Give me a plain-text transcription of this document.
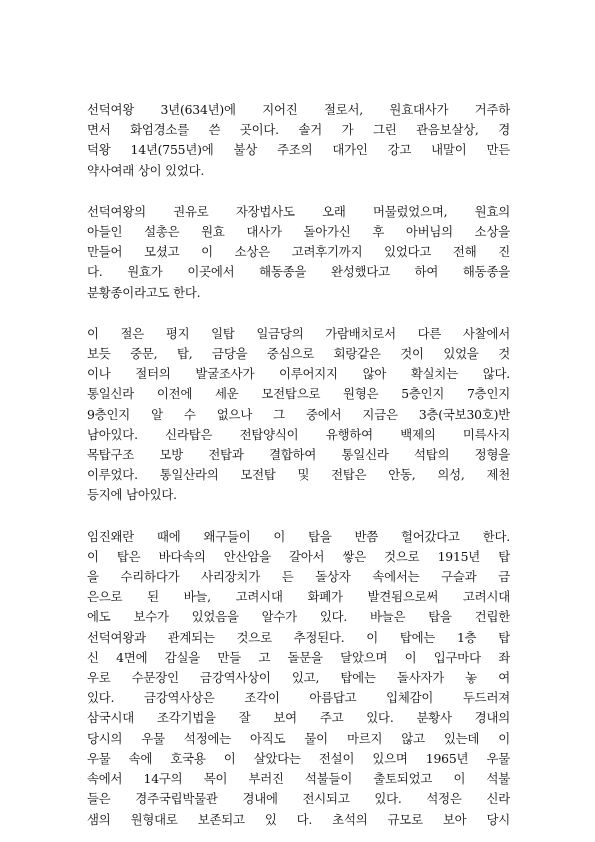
선덕여왕 3년(634년)에 지어진 절로서, 원효대사가 거주하
면서 화엄경소를 쓴 곳이다. 솔거 가 그린 관음보살상, 경
덕왕 14년(755년)에 불상 주조의 대가인 강고 내말이 만든
약사여래 상이 있었다.
선덕여왕의 권유로 자장법사도 오래 머물렀었으며, 원효의
아들인 설총은 원효 대사가 돌아가신 후 아버님의 소상을
만들어 모셨고 이 소상은 고려후기까지 있었다고 전해 진
다. 원효가 이곳에서 해동종을 완성했다고 하여 해동종을
분황종이라고도 한다.
이 절은 평지 일탑 일금당의 가람배치로서 다른 사찰에서
보듯 중문, 탑, 금당을 중심으로 회랑같은 것이 있었을 것
이나 절터의 발굴조사가 이루어지지 않아 확실치는 않다.
통일신라 이전에 세운 모전탑으로 원형은 5층인지 7층인지
9층인지 알 수 없으나 그 중에서 지금은 3층(국보30호)반
남아있다. 신라탑은 전탑양식이 유행하여 백제의 미륵사지
목탑구조 모방 전탑과 결합하여 통일신라 석탑의 정형을
이루었다. 통일산라의 모전탑 및 전탑은 안동, 의성, 제천
등지에 남아있다.
임진왜란 때에 왜구들이 이 탑을 반쯤 헐어갔다고 한다.
이 탑은 바다속의 안산암을 갈아서 쌓은 것으로 1915년 탑
을 수리하다가 사리장치가 든 돌상자 속에서는 구슬과 금
은으로 된 바늘, 고려시대 화폐가 발견됨으로써 고려시대
에도 보수가 있었음을 알수가 있다. 바늘은 탑을 건립한
선덕여왕과 관계되는 것으로 추정된다. 이 탑에는 1층 탑
신 4면에 감실을 만들 고 돌문을 달았으며 이 입구마다 좌
우로 수문장인 금강역사상이 있고, 탑에는 돌사자가 놓 여
있다. 금강역사상은 조각이 아름답고 입체감이 두드러져
삼국시대 조각기법을 잘 보여 주고 있다. 분황사 경내의
당시의 우물 석정에는 아직도 물이 마르지 않고 있는데 이
우물 속에 호국용 이 살았다는 전설이 있으며 1965년 우물
속에서 14구의 목이 부러진 석불들이 출토되었고 이 석불
들은 경주국립박물관 경내에 전시되고 있다. 석정은 신라
샘의 원형대로 보존되고 있 다. 초석의 규모로 보아 당시
